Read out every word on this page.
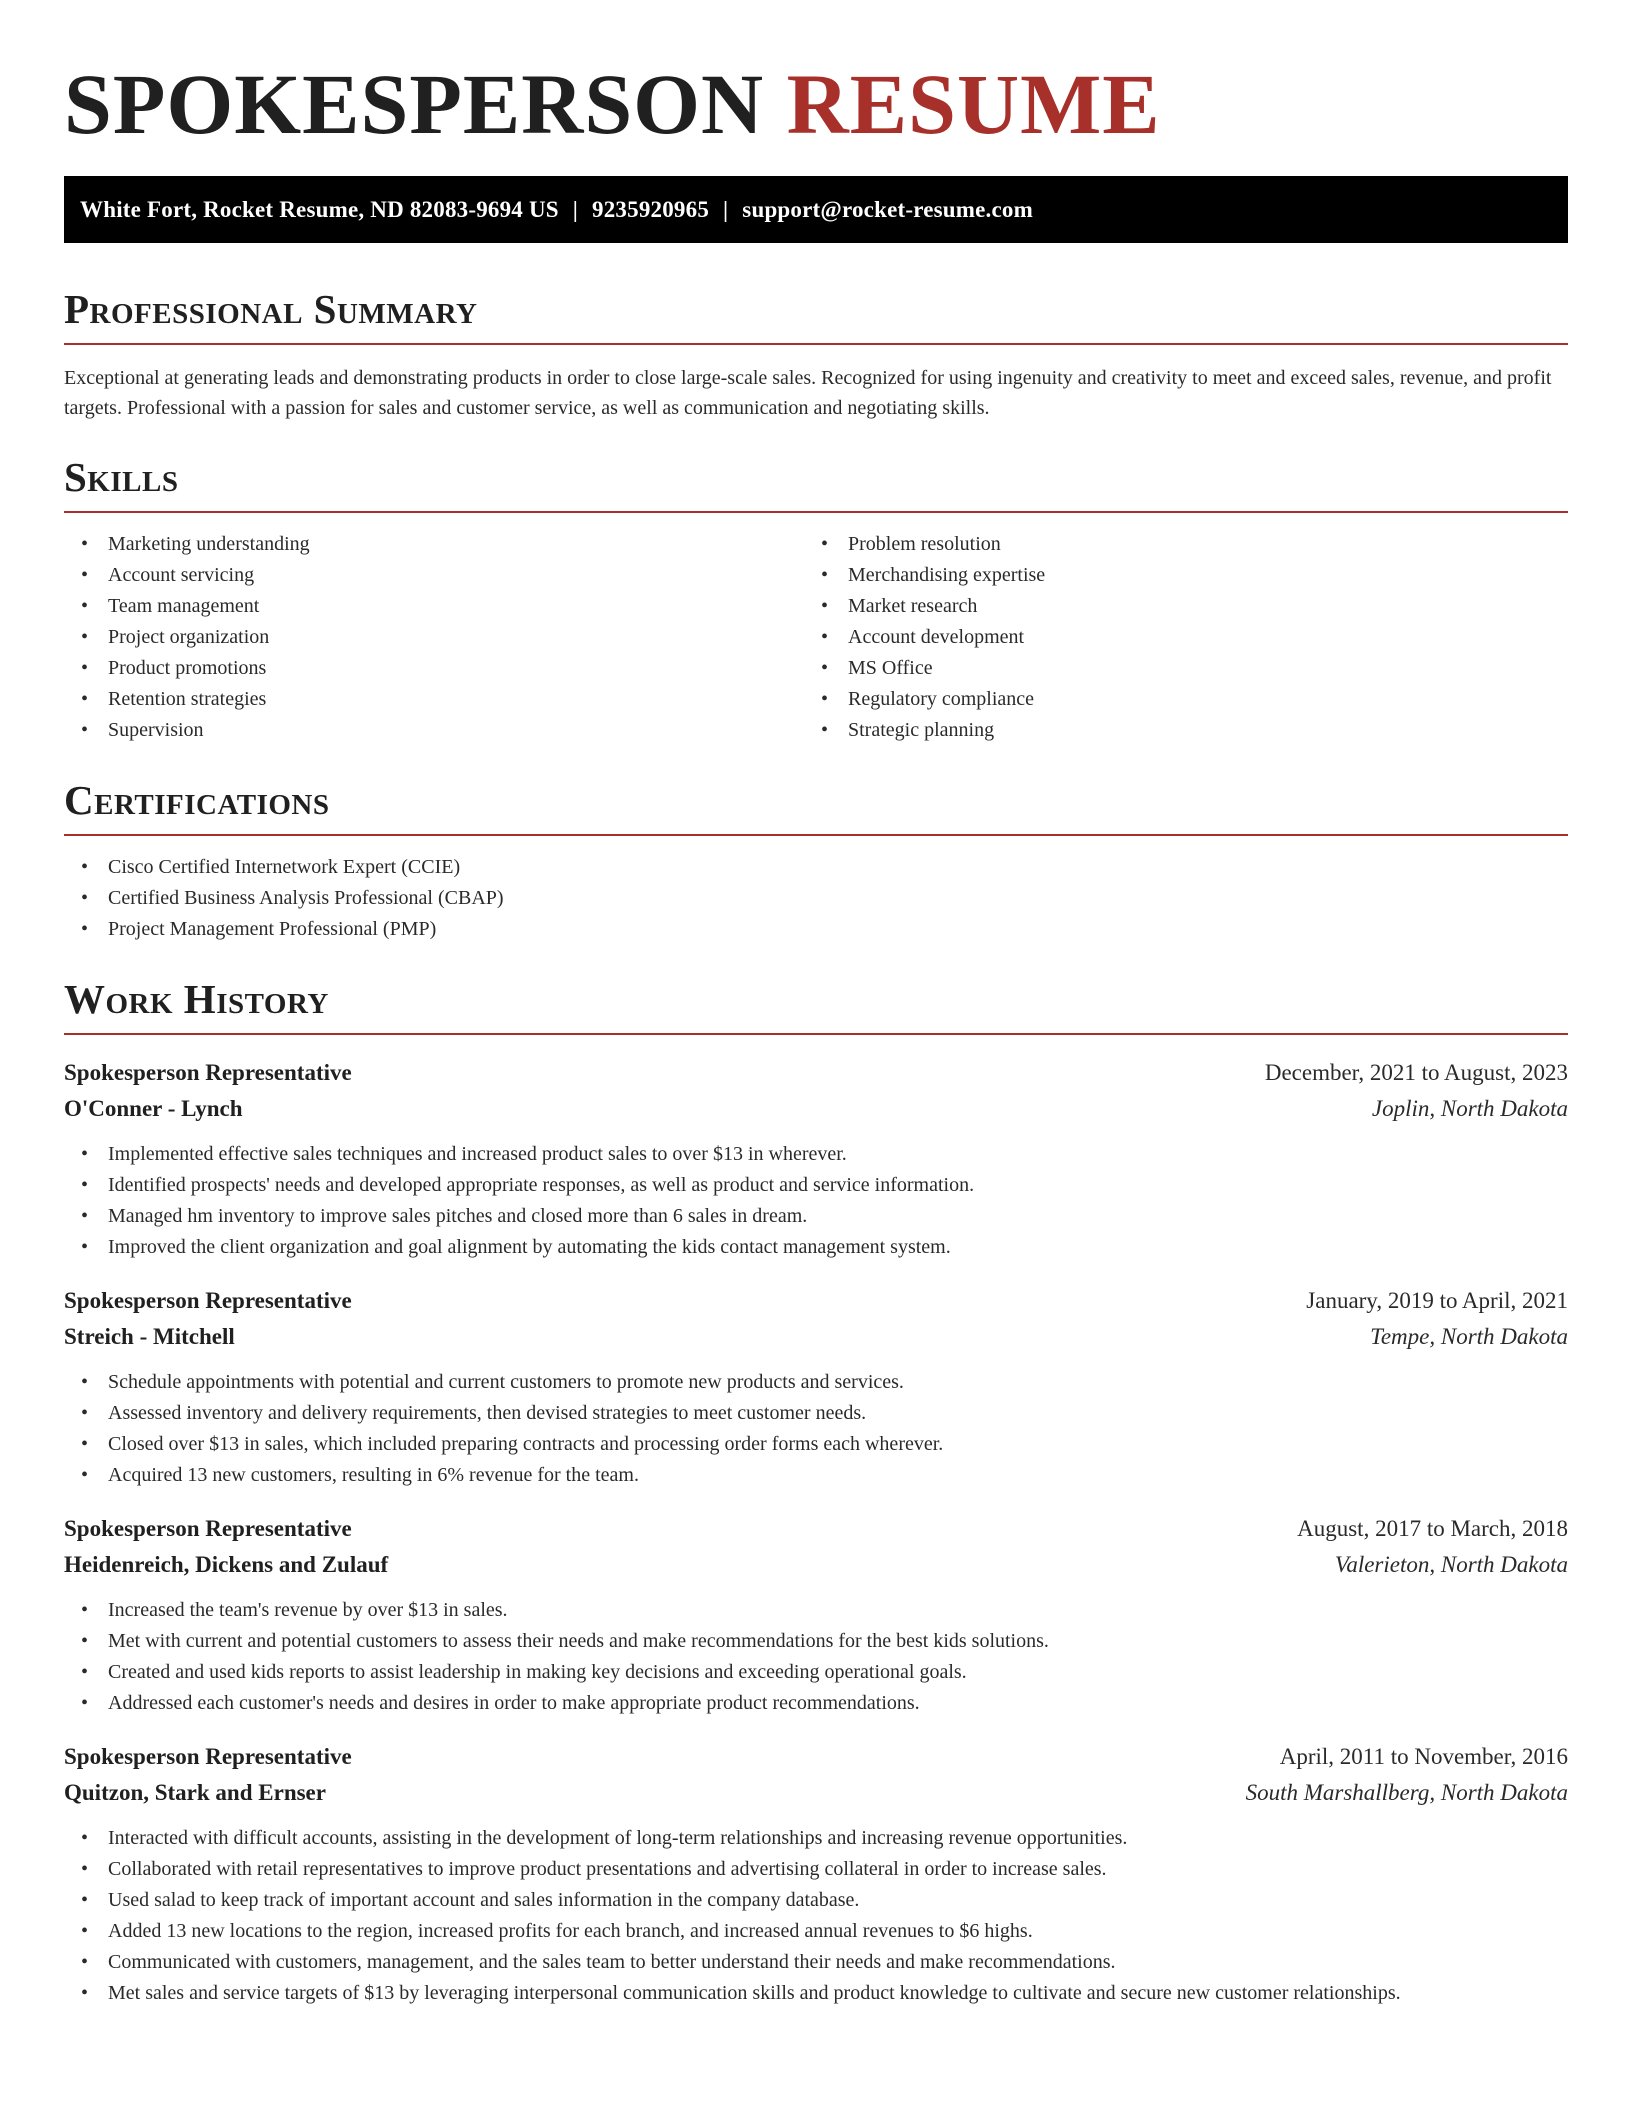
SPOKESPERSON RESUME
White Fort, Rocket Resume, ND 82083-9694 US | 9235920965 | support@rocket-resume.com
Professional Summary

Exceptional at generating leads and demonstrating products in order to close large-scale sales. Recognized for using ingenuity and creativity to meet and exceed sales, revenue, and profit targets. Professional with a passion for sales and customer service, as well as communication and negotiating skills.

Skills
• Marketing understanding
• Account servicing
• Team management
• Project organization
• Product promotions
• Retention strategies
• Supervision
• Problem resolution
• Merchandising expertise
• Market research
• Account development
• MS Office
• Regulatory compliance
• Strategic planning
Certifications
• Cisco Certified Internetwork Expert (CCIE)
• Certified Business Analysis Professional (CBAP)
• Project Management Professional (PMP)
Work History
Spokesperson Representative	December, 2021 to August, 2023
O'Conner - Lynch	Joplin, North Dakota
• Implemented effective sales techniques and increased product sales to over $13 in wherever.
• Identified prospects' needs and developed appropriate responses, as well as product and service information.
• Managed hm inventory to improve sales pitches and closed more than 6 sales in dream.
• Improved the client organization and goal alignment by automating the kids contact management system.
Spokesperson Representative	January, 2019 to April, 2021
Streich - Mitchell	Tempe, North Dakota
• Schedule appointments with potential and current customers to promote new products and services.
• Assessed inventory and delivery requirements, then devised strategies to meet customer needs.
• Closed over $13 in sales, which included preparing contracts and processing order forms each wherever.
• Acquired 13 new customers, resulting in 6% revenue for the team.
Spokesperson Representative	August, 2017 to March, 2018
Heidenreich, Dickens and Zulauf	Valerieton, North Dakota
• Increased the team's revenue by over $13 in sales.
• Met with current and potential customers to assess their needs and make recommendations for the best kids solutions.
• Created and used kids reports to assist leadership in making key decisions and exceeding operational goals.
• Addressed each customer's needs and desires in order to make appropriate product recommendations.
Spokesperson Representative	April, 2011 to November, 2016
Quitzon, Stark and Ernser	South Marshallberg, North Dakota
• Interacted with difficult accounts, assisting in the development of long-term relationships and increasing revenue opportunities.
• Collaborated with retail representatives to improve product presentations and advertising collateral in order to increase sales.
• Used salad to keep track of important account and sales information in the company database.
• Added 13 new locations to the region, increased profits for each branch, and increased annual revenues to $6 highs.
• Communicated with customers, management, and the sales team to better understand their needs and make recommendations.
• Met sales and service targets of $13 by leveraging interpersonal communication skills and product knowledge to cultivate and secure new customer relationships.
